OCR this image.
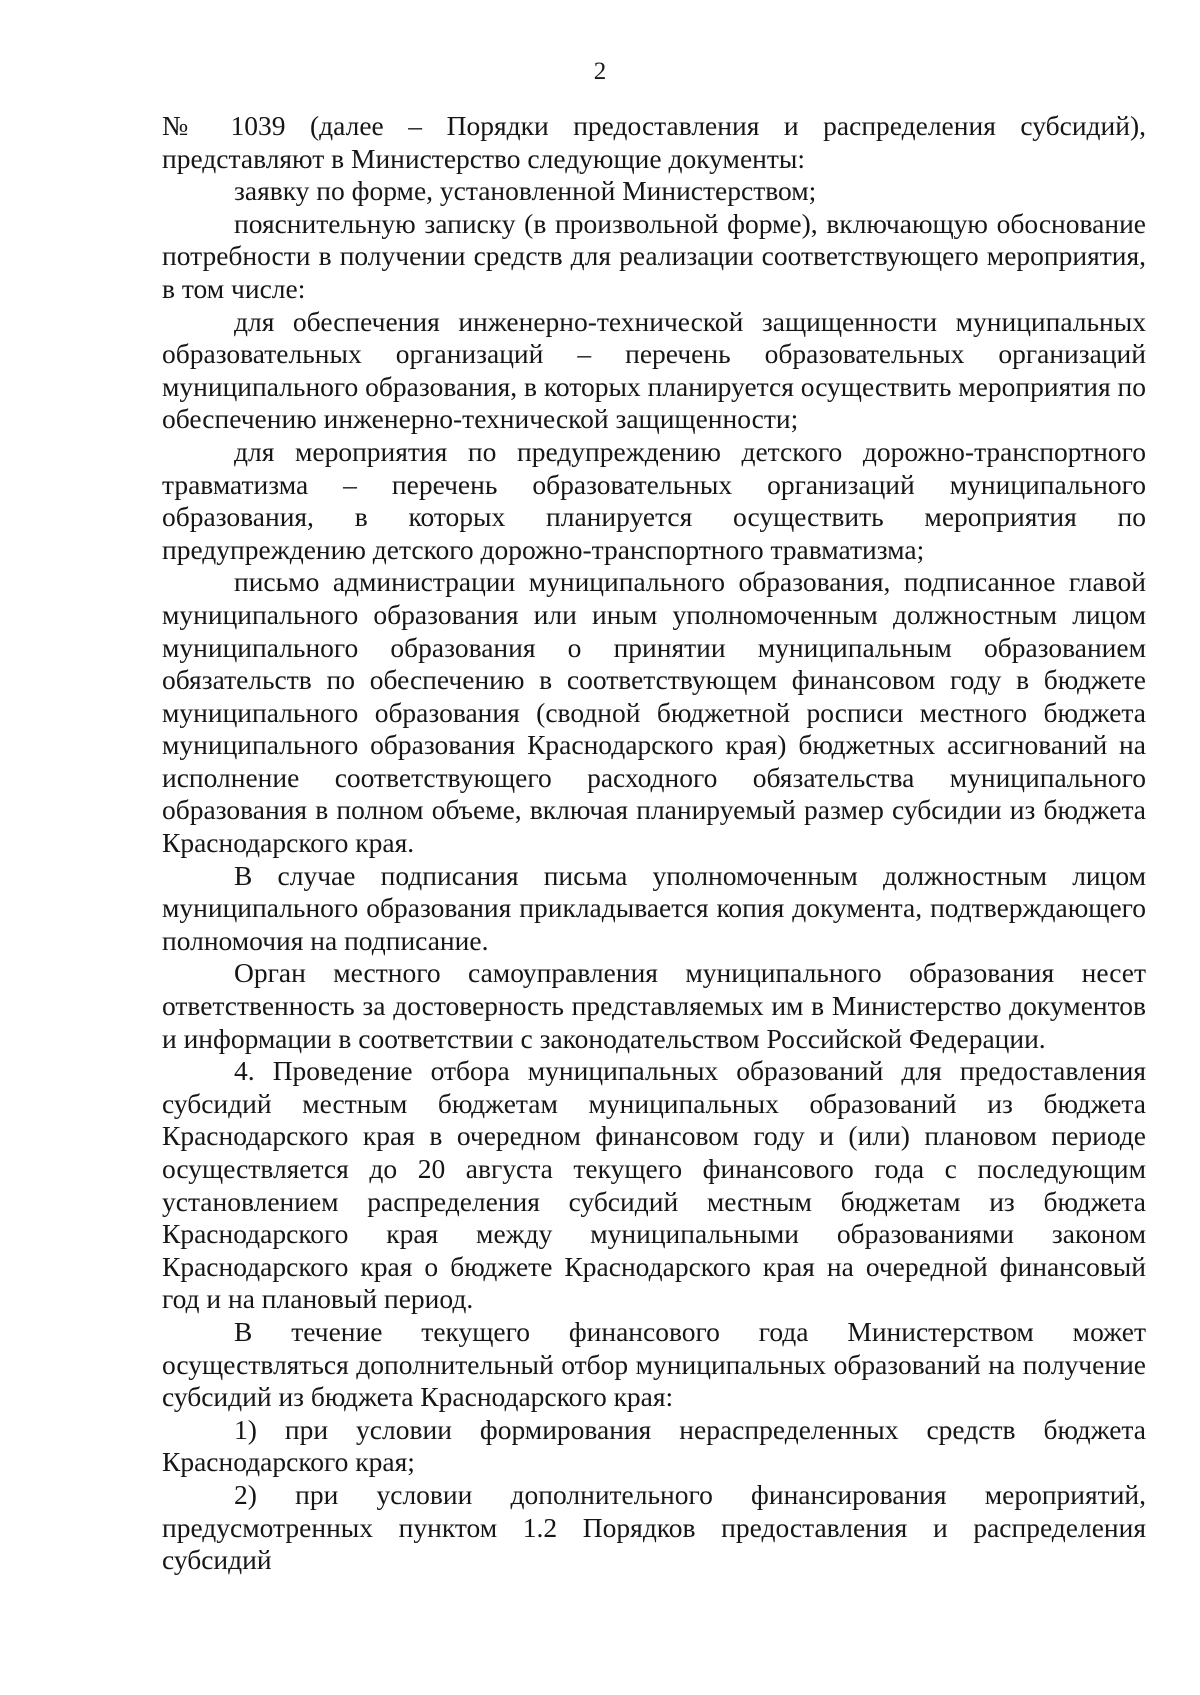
2

№ 1039 (далее – Порядки предоставления и распределения субсидий), представляют в Министерство следующие документы:

заявку по форме, установленной Министерством;

пояснительную записку (в произвольной форме), включающую обоснование потребности в получении средств для реализации соответствующего мероприятия, в том числе:

для обеспечения инженерно-технической защищенности муниципальных образовательных организаций – перечень образовательных организаций муниципального образования, в которых планируется осуществить мероприятия по обеспечению инженерно-технической защищенности;

для мероприятия по предупреждению детского дорожно-транспортного травматизма – перечень образовательных организаций муниципального образования, в которых планируется осуществить мероприятия по предупреждению детского дорожно-транспортного травматизма;

письмо администрации муниципального образования, подписанное главой муниципального образования или иным уполномоченным должностным лицом муниципального образования о принятии муниципальным образованием обязательств по обеспечению в соответствующем финансовом году в бюджете муниципального образования (сводной бюджетной росписи местного бюджета муниципального образования Краснодарского края) бюджетных ассигнований на исполнение соответствующего расходного обязательства муниципального образования в полном объеме, включая планируемый размер субсидии из бюджета Краснодарского края.

В случае подписания письма уполномоченным должностным лицом муниципального образования прикладывается копия документа, подтверждающего полномочия на подписание.

Орган местного самоуправления муниципального образования несет ответственность за достоверность представляемых им в Министерство документов и информации в соответствии с законодательством Российской Федерации.

4. Проведение отбора муниципальных образований для предоставления субсидий местным бюджетам муниципальных образований из бюджета Краснодарского края в очередном финансовом году и (или) плановом периоде осуществляется до 20 августа текущего финансового года с последующим установлением распределения субсидий местным бюджетам из бюджета Краснодарского края между муниципальными образованиями законом Краснодарского края о бюджете Краснодарского края на очередной финансовый год и на плановый период.

В течение текущего финансового года Министерством может осуществляться дополнительный отбор муниципальных образований на получение субсидий из бюджета Краснодарского края:

1) при условии формирования нераспределенных средств бюджета Краснодарского края;

2) при условии дополнительного финансирования мероприятий, предусмотренных пунктом 1.2 Порядков предоставления и распределения субсидий
